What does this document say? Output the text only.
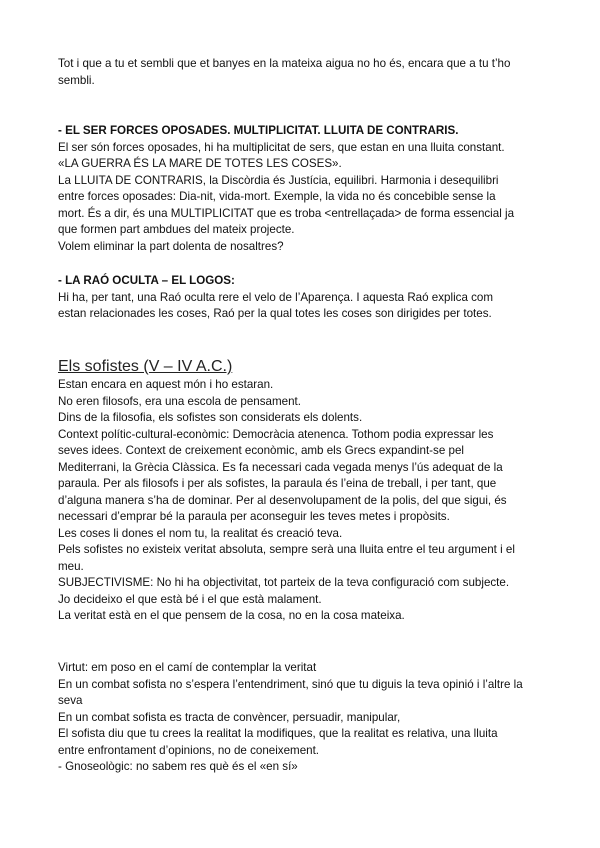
Tot i que a tu et sembli que et banyes en la mateixa aigua no ho és, encara que a tu t’ho
sembli.
- EL SER FORCES OPOSADES. MULTIPLICITAT. LLUITA DE CONTRARIS.
El ser són forces oposades, hi ha multiplicitat de sers, que estan en una lluita constant.
«LA GUERRA ÉS LA MARE DE TOTES LES COSES».
La LLUITA DE CONTRARIS, la Discòrdia és Justícia, equilibri. Harmonia i desequilibri
entre forces oposades: Dia-nit, vida-mort. Exemple, la vida no és concebible sense la
mort. És a dir, és una MULTIPLICITAT que es troba <entrellaçada> de forma essencial ja
que formen part ambdues del mateix projecte.
Volem eliminar la part dolenta de nosaltres?
- LA RAÓ OCULTA – EL LOGOS:
Hi ha, per tant, una Raó oculta rere el velo de l’Aparença. I aquesta Raó explica com
estan relacionades les coses, Raó per la qual totes les coses son dirigides per totes.
Els sofistes (V – IV A.C.)
Estan encara en aquest món i ho estaran.
No eren filosofs, era una escola de pensament.
Dins de la filosofia, els sofistes son considerats els dolents.
Context polític-cultural-econòmic: Democràcia atenenca. Tothom podia expressar les
seves idees. Context de creixement econòmic, amb els Grecs expandint-se pel
Mediterrani, la Grècia Clàssica. Es fa necessari cada vegada menys l’ús adequat de la
paraula. Per als filosofs i per als sofistes, la paraula és l’eina de treball, i per tant, que
d’alguna manera s’ha de dominar. Per al desenvolupament de la polis, del que sigui, és
necessari d’emprar bé la paraula per aconseguir les teves metes i propòsits.
Les coses li dones el nom tu, la realitat és creació teva.
Pels sofistes no existeix veritat absoluta, sempre serà una lluita entre el teu argument i el
meu.
SUBJECTIVISME: No hi ha objectivitat, tot parteix de la teva configuració com subjecte.
Jo decideixo el que està bé i el que està malament.
La veritat està en el que pensem de la cosa, no en la cosa mateixa.
Virtut: em poso en el camí de contemplar la veritat
En un combat sofista no s’espera l’entendriment, sinó que tu diguis la teva opinió i l’altre la
seva
En un combat sofista es tracta de convèncer, persuadir, manipular,
El sofista diu que tu crees la realitat la modifiques, que la realitat es relativa, una lluita
entre enfrontament d’opinions, no de coneixement.
- Gnoseològic: no sabem res què és el «en sí»
